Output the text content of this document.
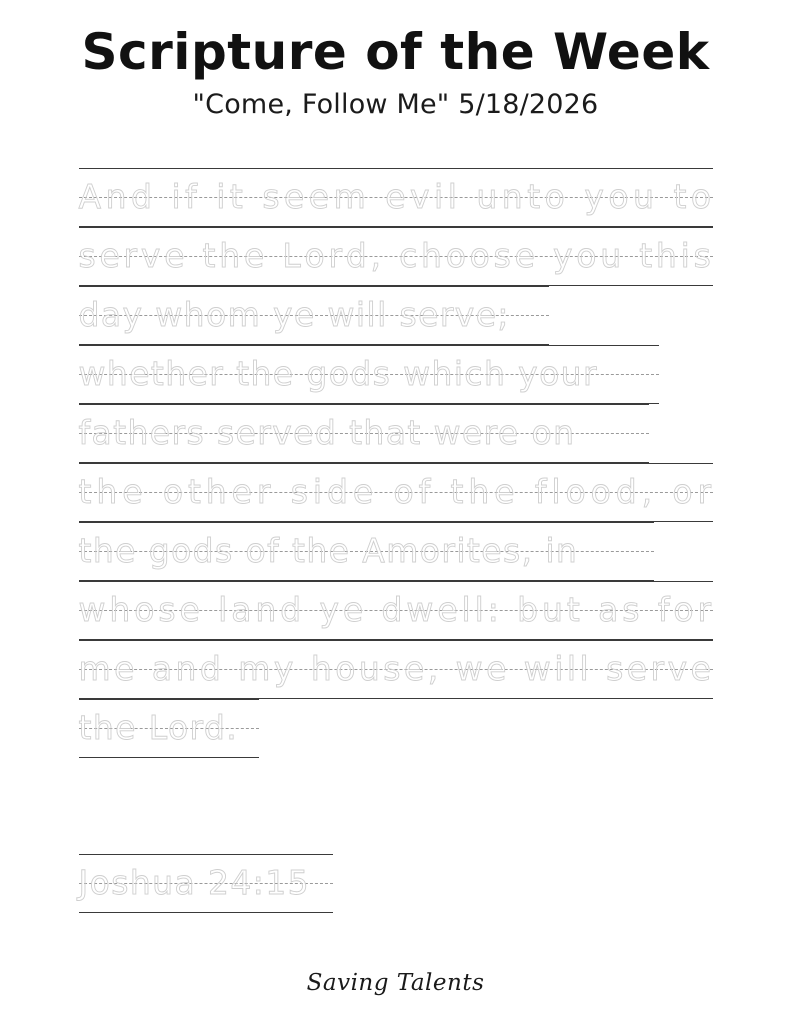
Scripture of the Week

"Come, Follow Me" 5/18/2026

A n d
i f
i t
s e e m
e v i l
u n t o
y o u
t o
s e r v e
t h e
L o r d ,
c h o o s e
y o u
t h i s
day whom ye will serve;
whether the gods which your
fathers served that were on
t h e
o t h e r
s i d e
o f
t h e
f l o o d ,
o r
the gods of the Amorites, in
w h o s e
l a n d
y e
d w e l l :
b u t
a s
f o r
m e
a n d
m y
h o u s e ,
w e
w i l l
s e r v e
the Lord.
Joshua 24:15
Saving Talents
